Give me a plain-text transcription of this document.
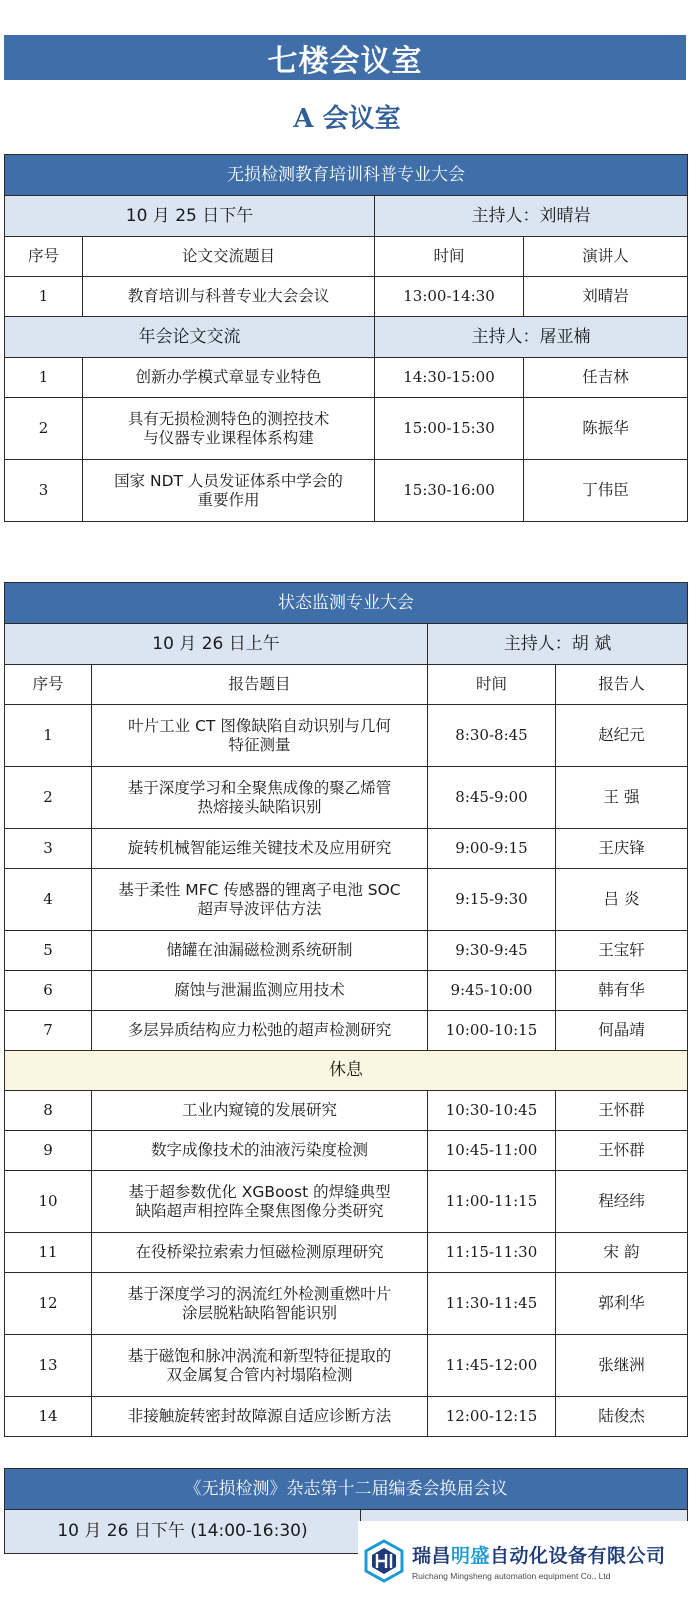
七楼会议室
A 会议室
无损检测教育培训科普专业大会			
10 月 25 日下午		主持人：刘晴岩	
序号	论文交流题目	时间	演讲人
1	教育培训与科普专业大会会议	13:00-14:30	刘晴岩
年会论文交流		主持人：屠亚楠	
1	创新办学模式章显专业特色	14:30-15:00	任吉林
2	具有无损检测特色的测控技术
与仪器专业课程体系构建	15:00-15:30	陈振华
3	国家 NDT 人员发证体系中学会的
重要作用	15:30-16:00	丁伟臣
状态监测专业大会			
10 月 26 日上午		主持人：胡 斌	
序号	报告题目	时间	报告人
1	叶片工业 CT 图像缺陷自动识别与几何
特征测量	8:30-8:45	赵纪元
2	基于深度学习和全聚焦成像的聚乙烯管
热熔接头缺陷识别	8:45-9:00	王 强
3	旋转机械智能运维关键技术及应用研究	9:00-9:15	王庆锋
4	基于柔性 MFC 传感器的锂离子电池 SOC
超声导波评估方法	9:15-9:30	吕 炎
5	储罐在油漏磁检测系统研制	9:30-9:45	王宝轩
6	腐蚀与泄漏监测应用技术	9:45-10:00	韩有华
7	多层异质结构应力松弛的超声检测研究	10:00-10:15	何晶靖
休息			
8	工业内窥镜的发展研究	10:30-10:45	王怀群
9	数字成像技术的油液污染度检测	10:45-11:00	王怀群
10	基于超参数优化 XGBoost 的焊缝典型
缺陷超声相控阵全聚焦图像分类研究	11:00-11:15	程经纬
11	在役桥梁拉索索力恒磁检测原理研究	11:15-11:30	宋 韵
12	基于深度学习的涡流红外检测重燃叶片
涂层脱粘缺陷智能识别	11:30-11:45	郭利华
13	基于磁饱和脉冲涡流和新型特征提取的
双金属复合管内衬塌陷检测	11:45-12:00	张继洲
14	非接触旋转密封故障源自适应诊断方法	12:00-12:15	陆俊杰
《无损检测》杂志第十二届编委会换届会议
10 月 26 日下午 (14:00-16:30)	
瑞昌明盛自动化设备有限公司
Ruichang Mingsheng automation equipment Co., Ltd
